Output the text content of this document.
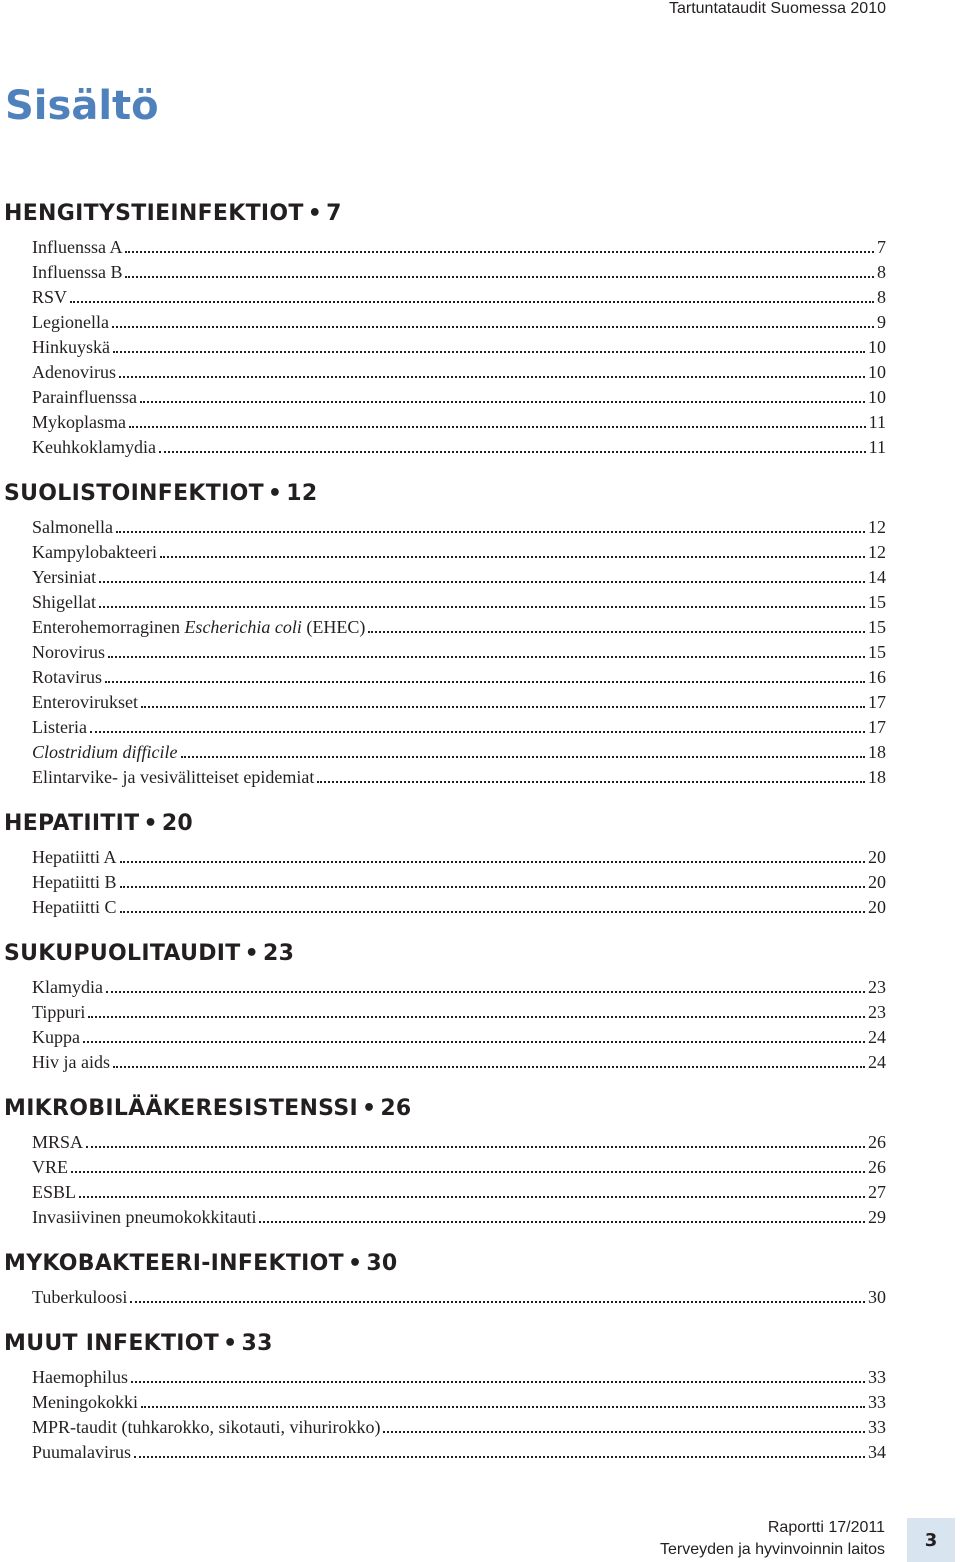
Tartuntataudit Suomessa 2010
Sisältö
HENGITYSTIEINFEKTIOT • 7
Influenssa A	7
Influenssa B	8
RSV	8
Legionella	9
Hinkuyskä	10
Adenovirus	10
Parainfluenssa	10
Mykoplasma	11
Keuhkoklamydia	11
SUOLISTOINFEKTIOT • 12
Salmonella	12
Kampylobakteeri	12
Yersiniat	14
Shigellat	15
Enterohemorraginen Escherichia coli (EHEC)	15
Norovirus	15
Rotavirus	16
Enterovirukset	17
Listeria	17
Clostridium difficile	18
Elintarvike- ja vesivälitteiset epidemiat	18
HEPATIITIT • 20
Hepatiitti A	20
Hepatiitti B	20
Hepatiitti C	20
SUKUPUOLITAUDIT • 23
Klamydia	23
Tippuri	23
Kuppa	24
Hiv ja aids	24
MIKROBILÄÄKERESISTENSSI • 26
MRSA	26
VRE	26
ESBL	27
Invasiivinen pneumokokkitauti	29
MYKOBAKTEERI-INFEKTIOT • 30
Tuberkuloosi	30
MUUT INFEKTIOT • 33
Haemophilus	33
Meningokokki	33
MPR-taudit (tuhkarokko, sikotauti, vihurirokko)	33
Puumalavirus	34
Raportti 17/2011
Terveyden ja hyvinvoinnin laitos	3
